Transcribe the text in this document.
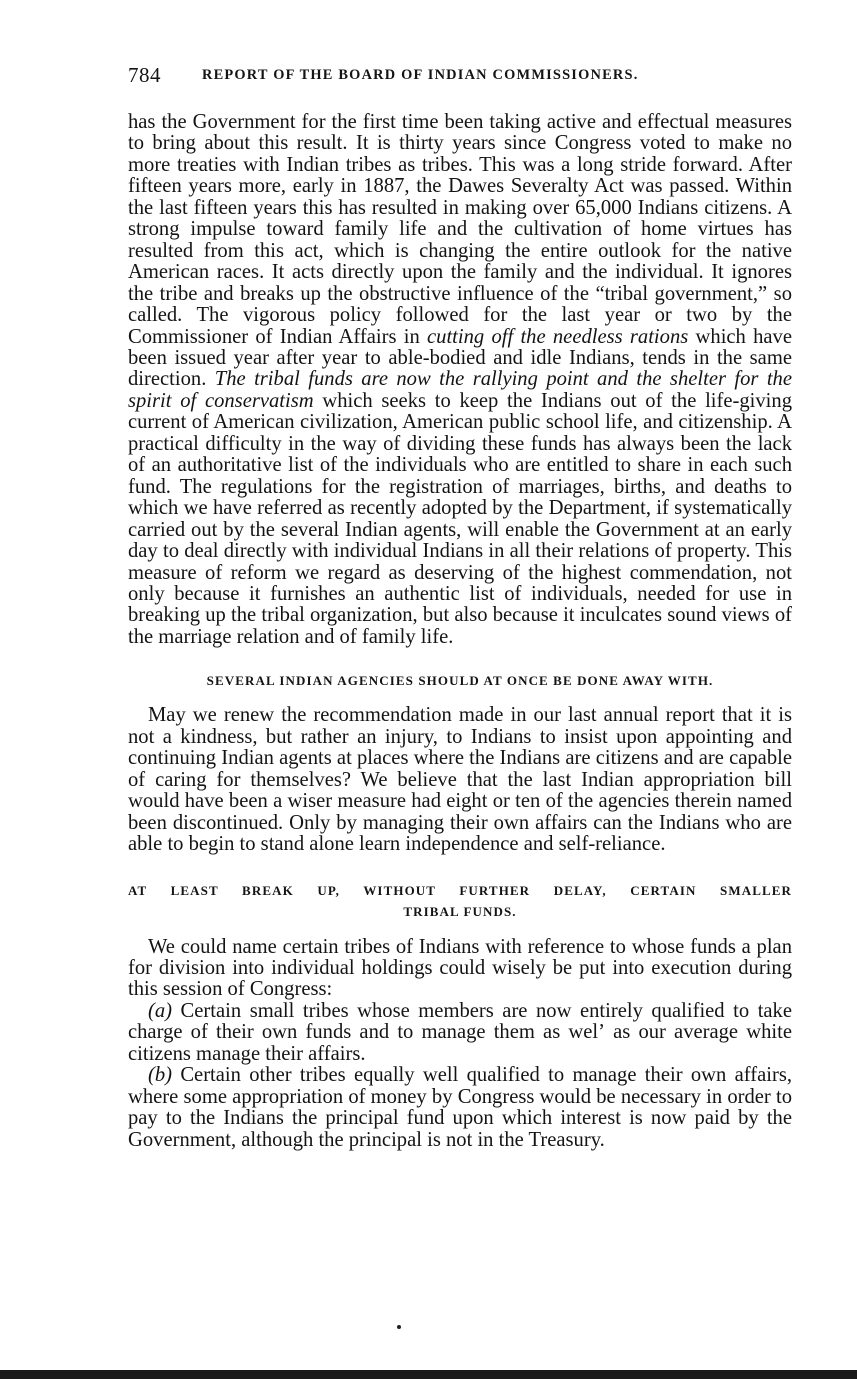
784	REPORT OF THE BOARD OF INDIAN COMMISSIONERS.

has the Government for the first time been taking active and effectual measures to bring about this result. It is thirty years since Congress voted to make no more treaties with Indian tribes as tribes. This was a long stride forward. After fifteen years more, early in 1887, the Dawes Severalty Act was passed. Within the last fifteen years this has resulted in making over 65,000 Indians citizens. A strong impulse toward family life and the cultivation of home virtues has resulted from this act, which is changing the entire outlook for the native American races. It acts directly upon the family and the individual. It ignores the tribe and breaks up the obstructive influence of the “tribal government,” so called. The vigorous policy followed for the last year or two by the Commissioner of Indian Affairs in cutting off the needless rations which have been issued year after year to able-bodied and idle Indians, tends in the same direction. The tribal funds are now the rallying point and the shelter for the spirit of conservatism which seeks to keep the Indians out of the life-giving current of American civilization, American public school life, and citizenship. A practical difficulty in the way of dividing these funds has always been the lack of an authoritative list of the individuals who are entitled to share in each such fund. The regulations for the registration of marriages, births, and deaths to which we have referred as recently adopted by the Department, if systematically carried out by the several Indian agents, will enable the Government at an early day to deal directly with individual Indians in all their relations of property. This measure of reform we regard as deserving of the highest commendation, not only because it furnishes an authentic list of individuals, needed for use in breaking up the tribal organization, but also because it inculcates sound views of the marriage relation and of family life.

SEVERAL INDIAN AGENCIES SHOULD AT ONCE BE DONE AWAY WITH.

May we renew the recommendation made in our last annual report that it is not a kindness, but rather an injury, to Indians to insist upon appointing and continuing Indian agents at places where the Indians are citizens and are capable of caring for themselves? We believe that the last Indian appropriation bill would have been a wiser measure had eight or ten of the agencies therein named been discontinued. Only by managing their own affairs can the Indians who are able to begin to stand alone learn independence and self-reliance.

AT LEAST BREAK UP, WITHOUT FURTHER DELAY, CERTAIN SMALLER
TRIBAL FUNDS.

We could name certain tribes of Indians with reference to whose funds a plan for division into individual holdings could wisely be put into execution during this session of Congress:

(a) Certain small tribes whose members are now entirely qualified to take charge of their own funds and to manage them as welʼ as our average white citizens manage their affairs.

(b) Certain other tribes equally well qualified to manage their own affairs, where some appropriation of money by Congress would be necessary in order to pay to the Indians the principal fund upon which interest is now paid by the Government, although the principal is not in the Treasury.
